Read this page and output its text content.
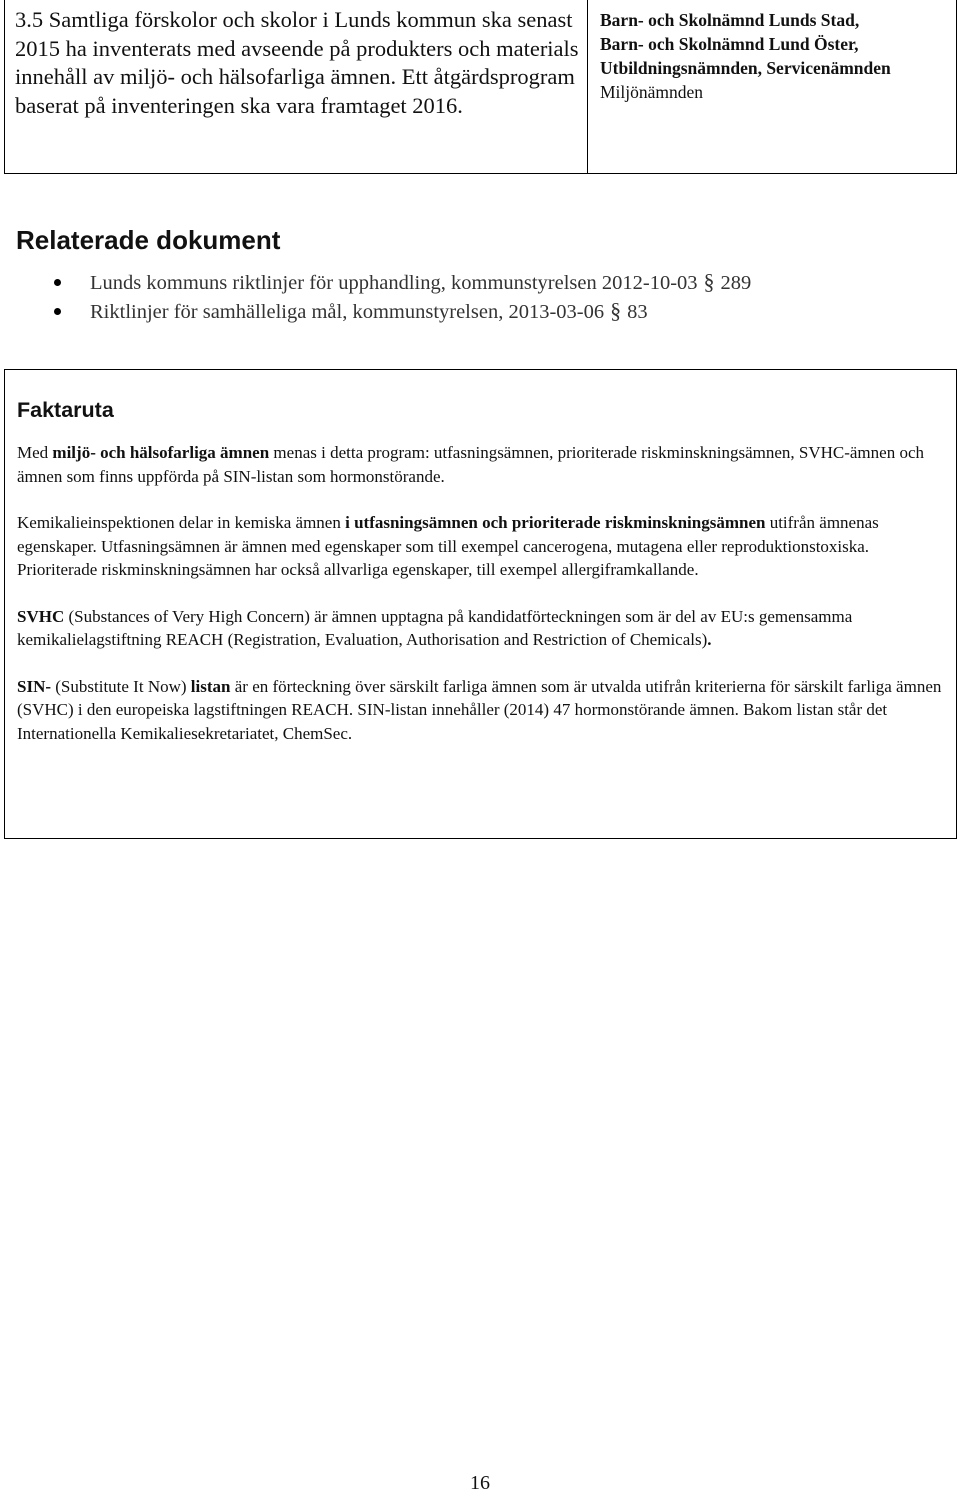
3.5 Samtliga förskolor och skolor i Lunds kommun ska senast 2015 ha inventerats med avseende på produkters och materials innehåll av miljö- och hälsofarliga ämnen. Ett åtgärdsprogram baserat på inventeringen ska vara framtaget 2016.
Barn- och Skolnämnd Lunds Stad,
Barn- och Skolnämnd Lund Öster,
Utbildningsnämnden, Servicenämnden
Miljönämnden
Relaterade dokument
Lunds kommuns riktlinjer för upphandling, kommunstyrelsen 2012-10-03 § 289
Riktlinjer för samhälleliga mål, kommunstyrelsen, 2013-03-06 § 83
Faktaruta

Med miljö- och hälsofarliga ämnen menas i detta program: utfasningsämnen, prioriterade riskminskningsämnen, SVHC-ämnen och ämnen som finns uppförda på SIN-listan som hormonstörande.

Kemikalieinspektionen delar in kemiska ämnen i utfasningsämnen och prioriterade riskminskningsämnen utifrån ämnenas egenskaper. Utfasningsämnen är ämnen med egenskaper som till exempel cancerogena, mutagena eller reproduktionstoxiska. Prioriterade riskminskningsämnen har också allvarliga egenskaper, till exempel allergiframkallande.

SVHC (Substances of Very High Concern) är ämnen upptagna på kandidatförteckningen som är del av EU:s gemensamma kemikalielagstiftning REACH (Registration, Evaluation, Authorisation and Restriction of Chemicals).

SIN- (Substitute It Now) listan är en förteckning över särskilt farliga ämnen som är utvalda utifrån kriterierna för särskilt farliga ämnen (SVHC) i den europeiska lagstiftningen REACH. SIN-listan innehåller (2014) 47 hormonstörande ämnen. Bakom listan står det Internationella Kemikaliesekretariatet, ChemSec.

16
